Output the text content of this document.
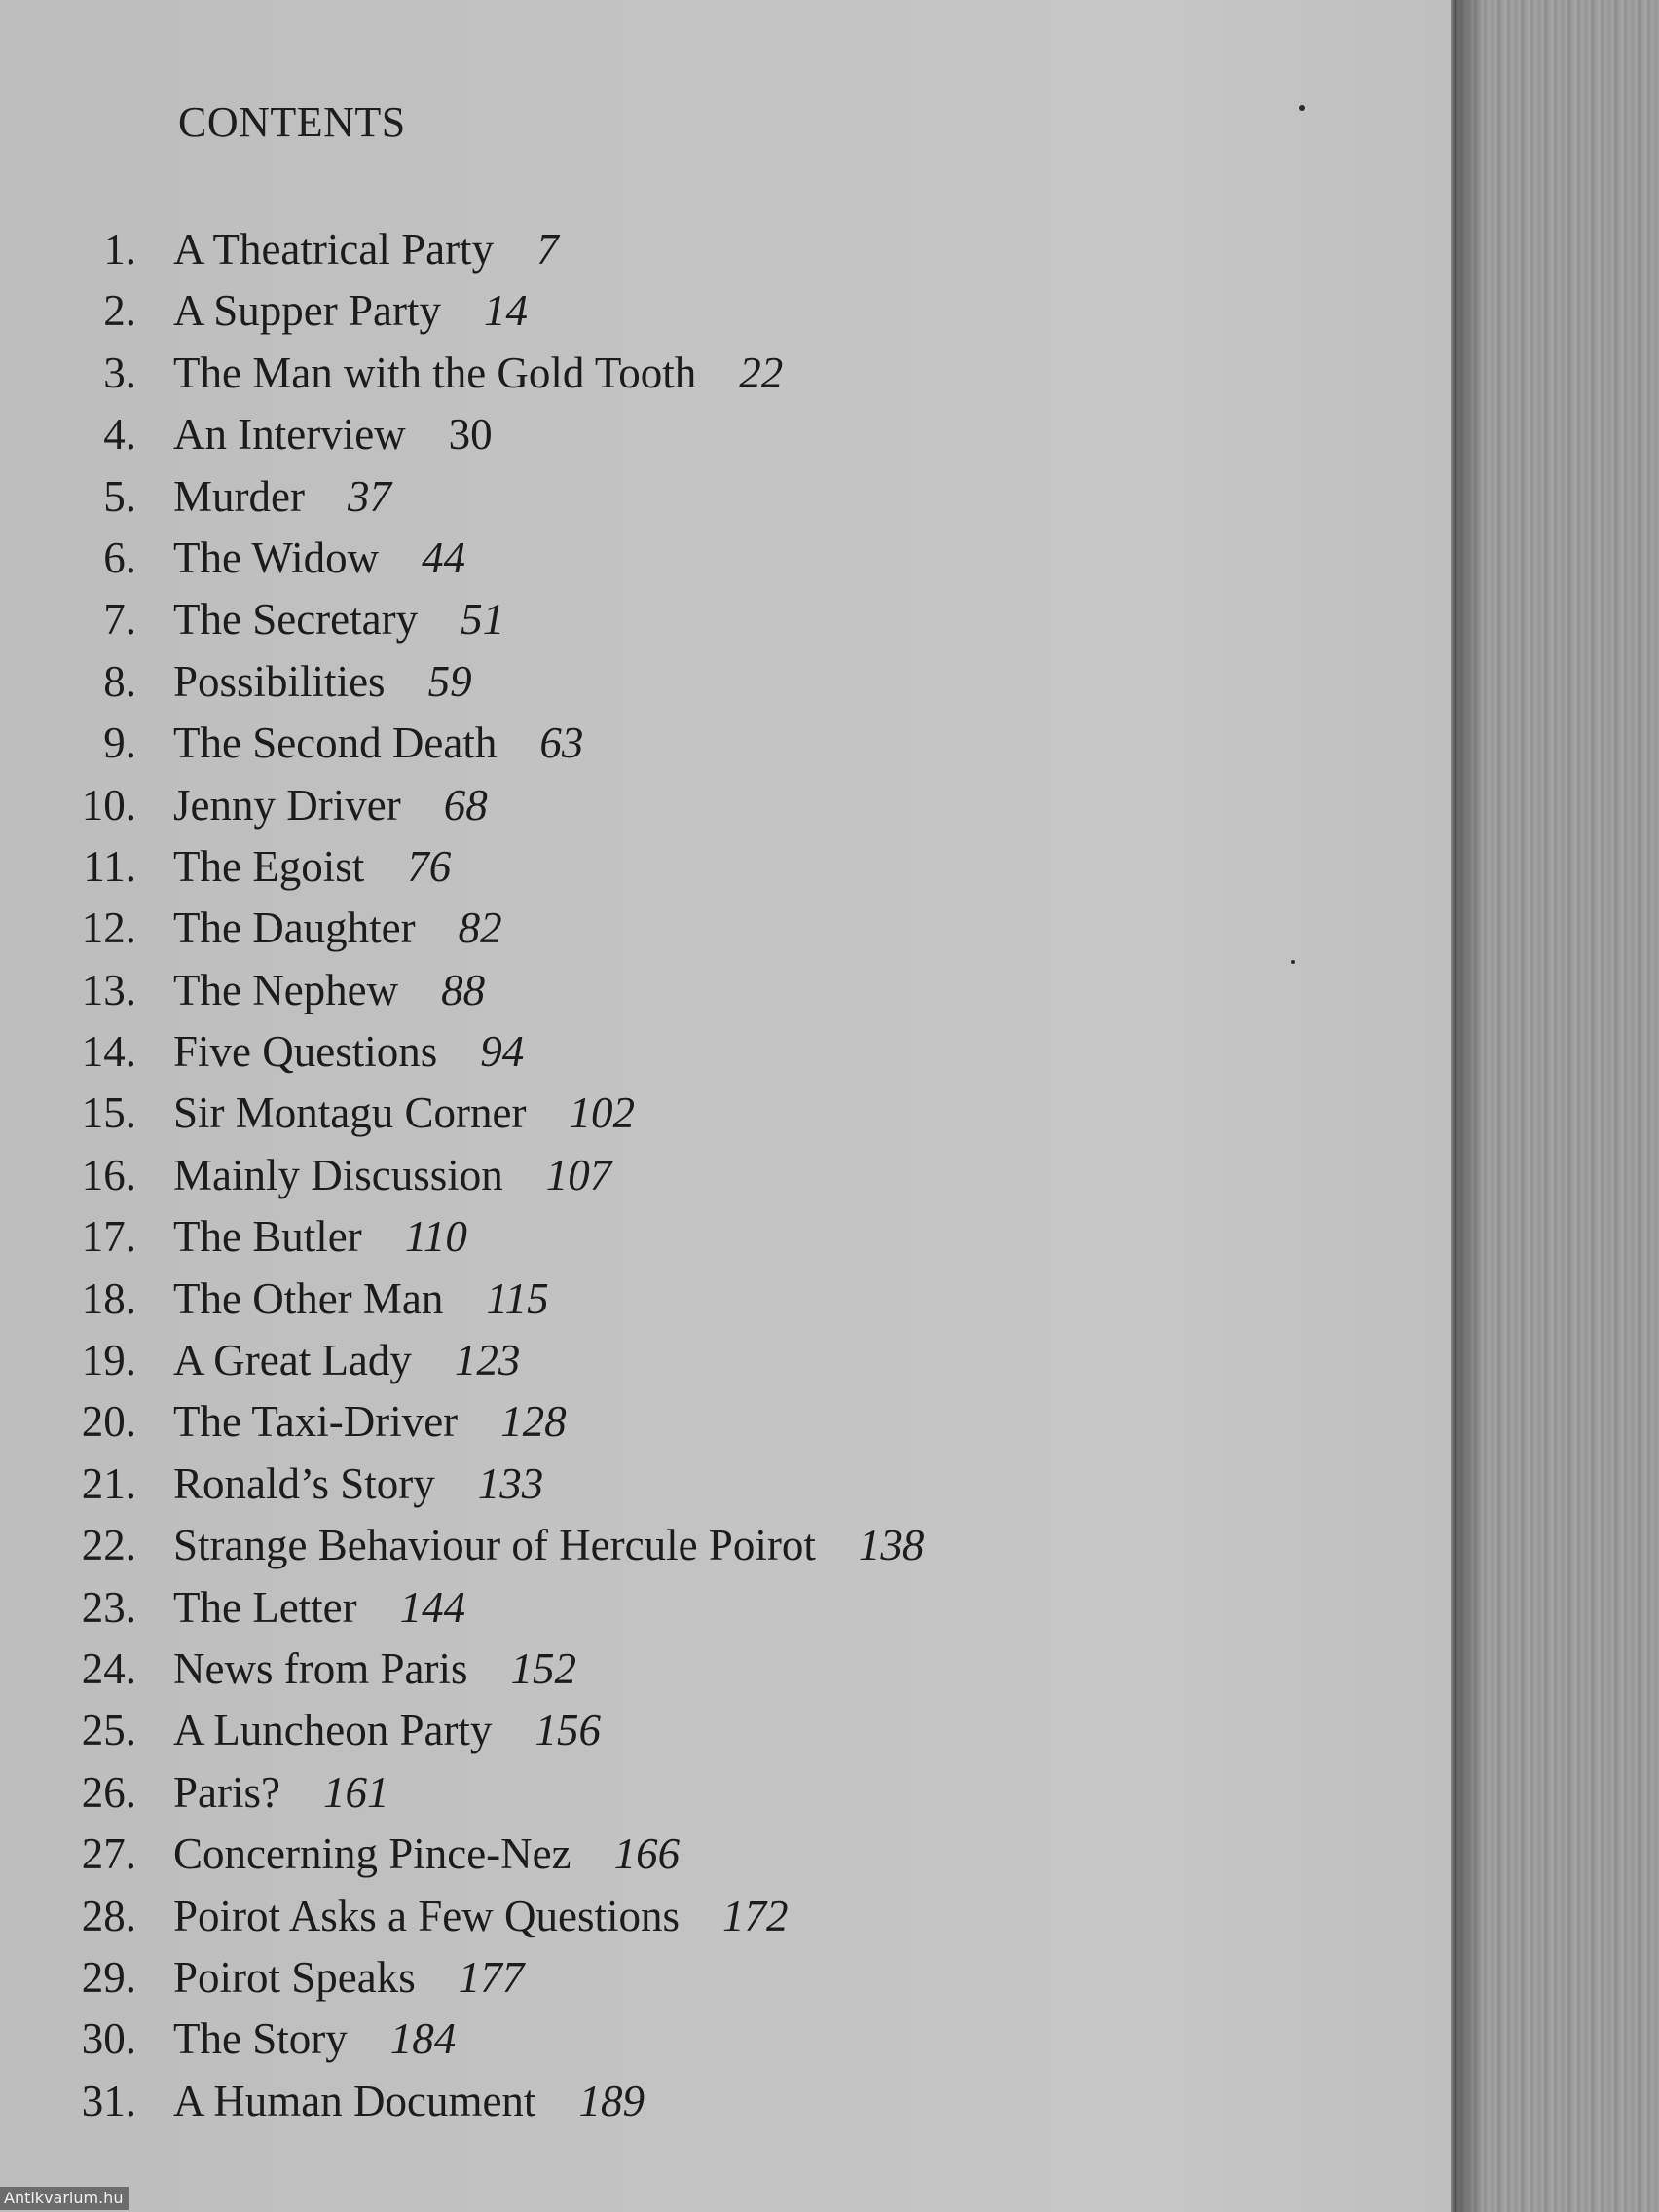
CONTENTS
1. A Theatrical Party 7
2. A Supper Party 14
3. The Man with the Gold Tooth 22
4. An Interview 30
5. Murder 37
6. The Widow 44
7. The Secretary 51
8. Possibilities 59
9. The Second Death 63
10. Jenny Driver 68
11. The Egoist 76
12. The Daughter 82
13. The Nephew 88
14. Five Questions 94
15. Sir Montagu Corner 102
16. Mainly Discussion 107
17. The Butler 110
18. The Other Man 115
19. A Great Lady 123
20. The Taxi-Driver 128
21. Ronald’s Story 133
22. Strange Behaviour of Hercule Poirot 138
23. The Letter 144
24. News from Paris 152
25. A Luncheon Party 156
26. Paris? 161
27. Concerning Pince-Nez 166
28. Poirot Asks a Few Questions 172
29. Poirot Speaks 177
30. The Story 184
31. A Human Document 189
Antikvarium.hu
